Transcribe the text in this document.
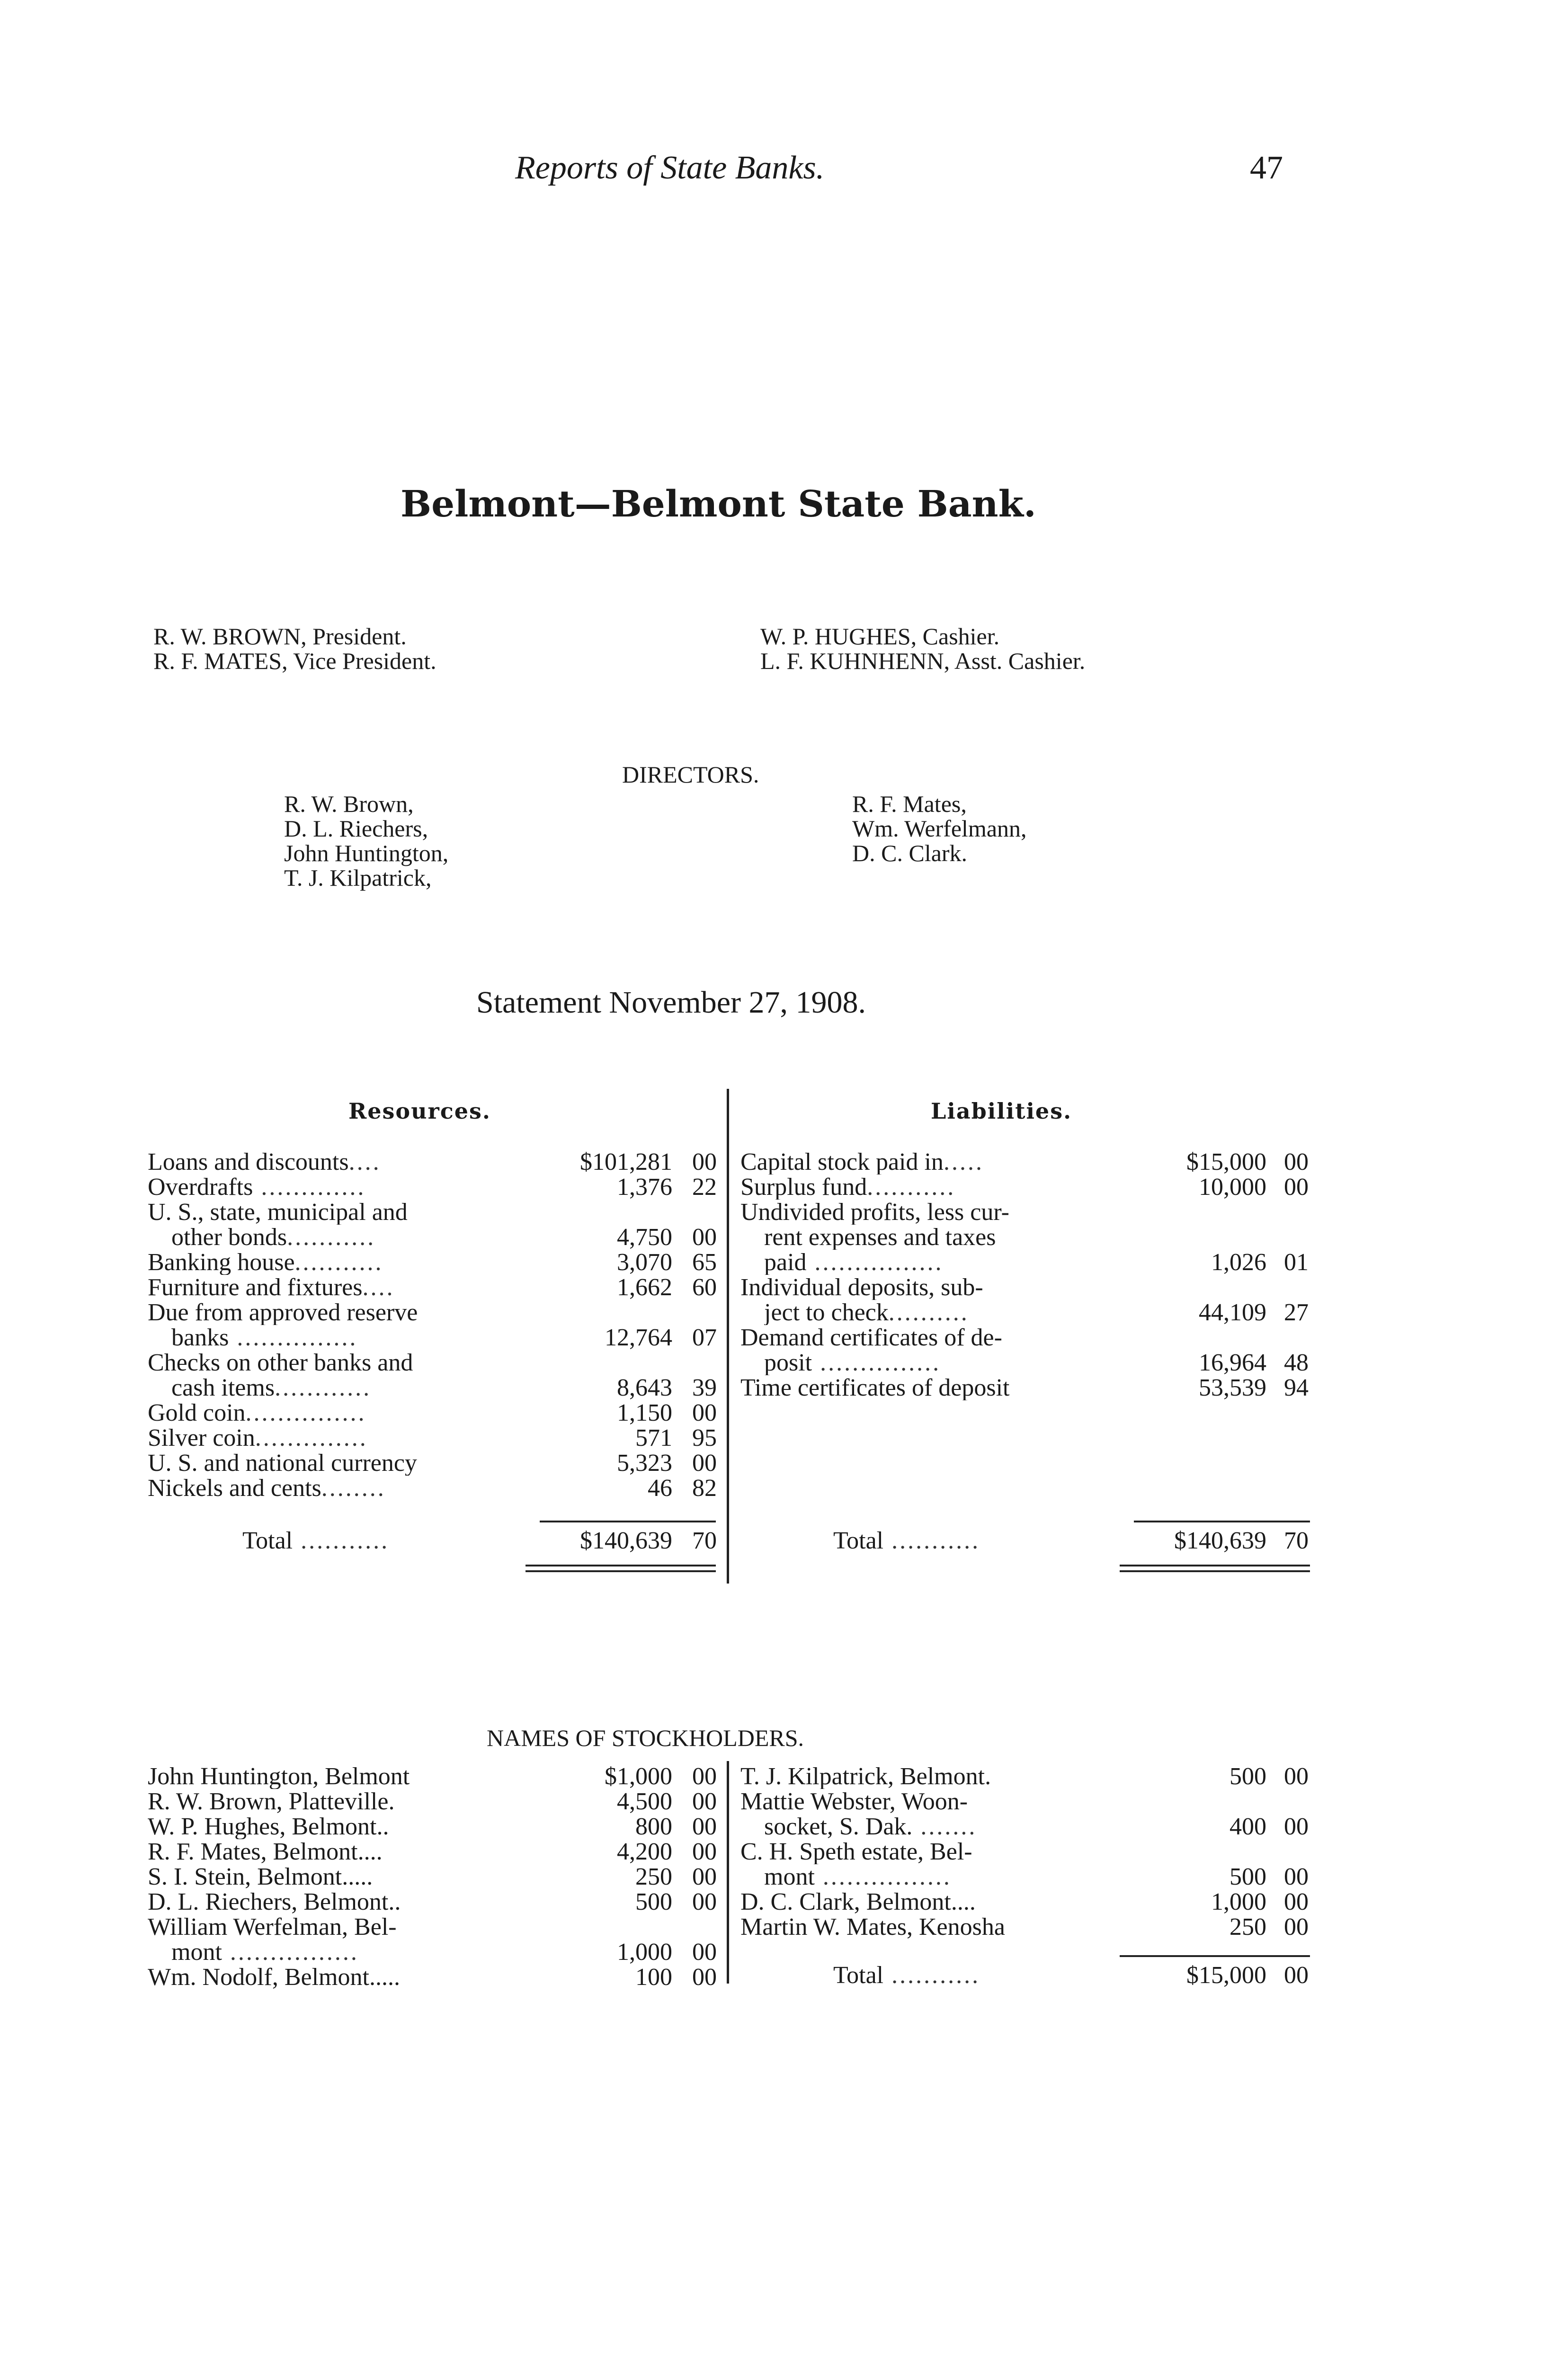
Reports of State Banks.	47
Belmont—Belmont State Bank.
R. W. BROWN, President.
R. F. MATES, Vice President.
W. P. HUGHES, Cashier.
L. F. KUHNHENN, Asst. Cashier.
DIRECTORS.
R. W. Brown,
D. L. Riechers,
John Huntington,
T. J. Kilpatrick,
R. F. Mates,
Wm. Werfelmann,
D. C. Clark.
Statement November 27, 1908.
Resources.	Liabilities.
Loans and discounts....	$101,281 00
Overdrafts .............	1,376 22
U. S., state, municipal and
other bonds...........	4,750 00
Banking house...........	3,070 65
Furniture and fixtures....	1,662 60
Due from approved reserve
banks ...............	12,764 07
Checks on other banks and
cash items............	8,643 39
Gold coin...............	1,150 00
Silver coin..............	571 95
U. S. and national currency	5,323 00
Nickels and cents........	46 82
Capital stock paid in.....	$15,000 00
Surplus fund...........	10,000 00
Undivided profits, less cur-
rent expenses and taxes
paid ................	1,026 01
Individual deposits, sub-
ject to check..........	44,109 27
Demand certificates of de-
posit ...............	16,964 48
Time certificates of deposit	53,539 94
Total ...........	$140,639 70	Total ...........	$140,639 70
NAMES OF STOCKHOLDERS.
John Huntington, Belmont	$1,000 00
R. W. Brown, Platteville.	4,500 00
W. P. Hughes, Belmont..	800 00
R. F. Mates, Belmont....	4,200 00
S. I. Stein, Belmont.....	250 00
D. L. Riechers, Belmont..	500 00
William Werfelman, Bel-
mont ................	1,000 00
Wm. Nodolf, Belmont.....	100 00
T. J. Kilpatrick, Belmont.	500 00
Mattie Webster, Woon-
socket, S. Dak. .......	400 00
C. H. Speth estate, Bel-
mont ................	500 00
D. C. Clark, Belmont....	1,000 00
Martin W. Mates, Kenosha	250 00
Total ...........	$15,000 00
